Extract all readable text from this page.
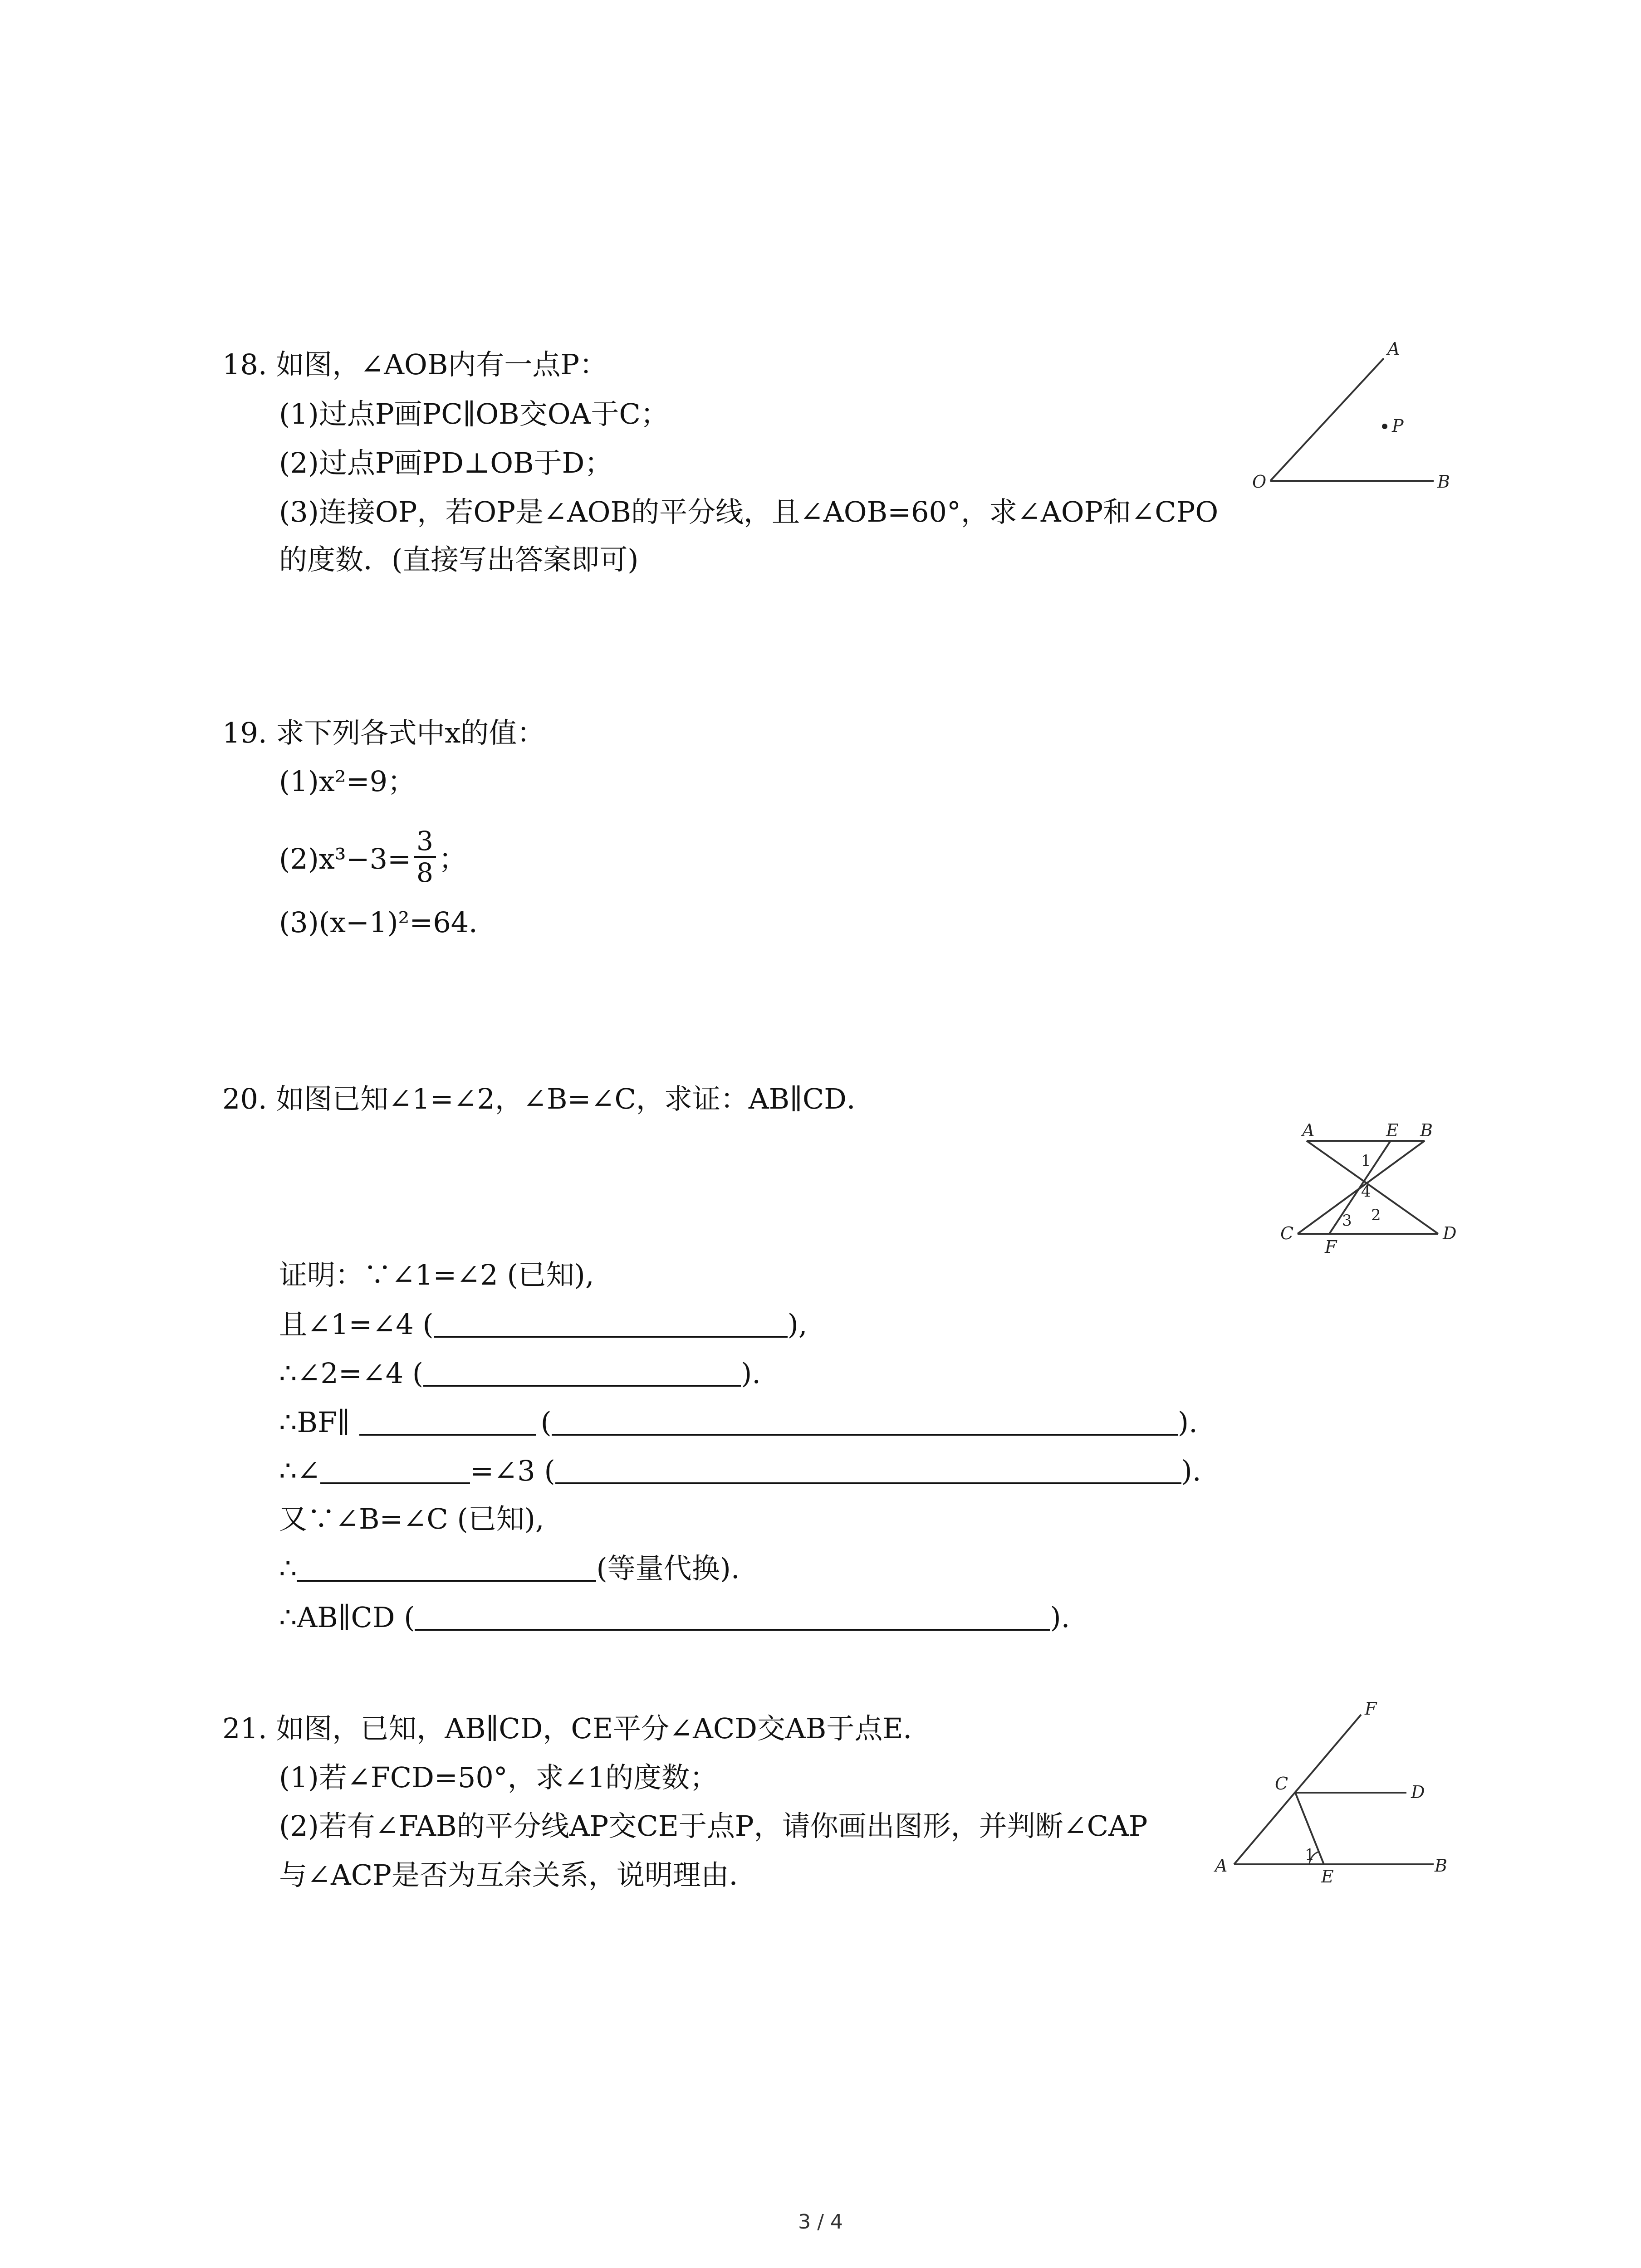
18. 如图，∠AOB内有一点P：
(1)过点P画PC∥OB交OA于C；
(2)过点P画PD⊥OB于D；
(3)连接OP，若OP是∠AOB的平分线，且∠AOB=60°，求∠AOP和∠CPO
的度数．(直接写出答案即可)
A
P
O	B
19. 求下列各式中x的值：
(1)x²=9；
$(2)x^3-3= \frac{3}{8}$ ；
(3)(x−1)²=64．
20. 如图已知∠1=∠2，∠B=∠C，求证：AB∥CD．
A	E B
C
F
D
1
4
2
3
证明：∵∠1=∠2 (已知),
且∠1=∠4 (	),
∴∠2=∠4 (	).
∴BF∥	(	).
∴∠	=∠3 (	).
又∵∠B=∠C (已知),
∴	(等量代换).
∴AB∥CD (	).
21. 如图，已知，AB∥CD，CE平分∠ACD交AB于点E．
(1)若∠FCD=50°，求∠1的度数；
(2)若有∠FAB的平分线AP交CE于点P，请你画出图形，并判断∠CAP
与∠ACP是否为互余关系，说明理由．
F
C	D
A
E
B
1
3 / 4
